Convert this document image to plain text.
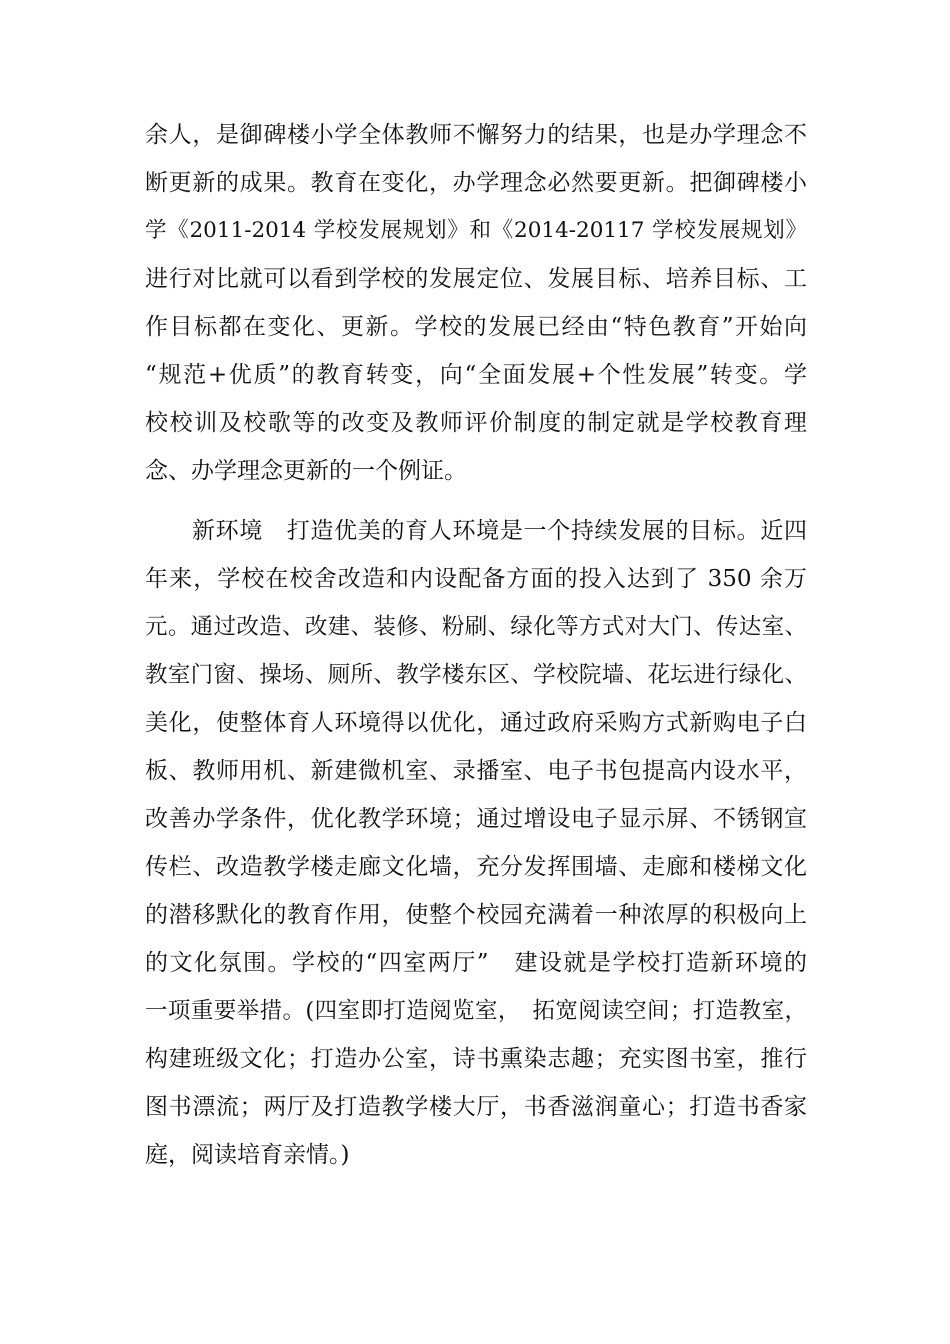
余人，是御碑楼小学全体教师不懈努力的结果，也是办学理念不
断更新的成果。教育在变化，办学理念必然要更新。把御碑楼小
学《2011-2014 学校发展规划》和《2014-20117 学校发展规划》
进行对比就可以看到学校的发展定位、发展目标、培养目标、工
作目标都在变化、更新。学校的发展已经由“特色教育”开始向
“规范+优质”的教育转变，向“全面发展+个性发展”转变。学
校校训及校歌等的改变及教师评价制度的制定就是学校教育理
念、办学理念更新的一个例证。
新环境　打造优美的育人环境是一个持续发展的目标。近四
年来，学校在校舍改造和内设配备方面的投入达到了 350 余万
元。通过改造、改建、装修、粉刷、绿化等方式对大门、传达室、
教室门窗、操场、厕所、教学楼东区、学校院墙、花坛进行绿化、
美化，使整体育人环境得以优化，通过政府采购方式新购电子白
板、教师用机、新建微机室、录播室、电子书包提高内设水平，
改善办学条件，优化教学环境；通过增设电子显示屏、不锈钢宣
传栏、改造教学楼走廊文化墙，充分发挥围墙、走廊和楼梯文化
的潜移默化的教育作用，使整个校园充满着一种浓厚的积极向上
的文化氛围。学校的“四室两厅”　建设就是学校打造新环境的
一项重要举措。(四室即打造阅览室，　拓宽阅读空间；打造教室，
构建班级文化；打造办公室，诗书熏染志趣；充实图书室，推行
图书漂流；两厅及打造教学楼大厅，书香滋润童心；打造书香家
庭，阅读培育亲情。)
